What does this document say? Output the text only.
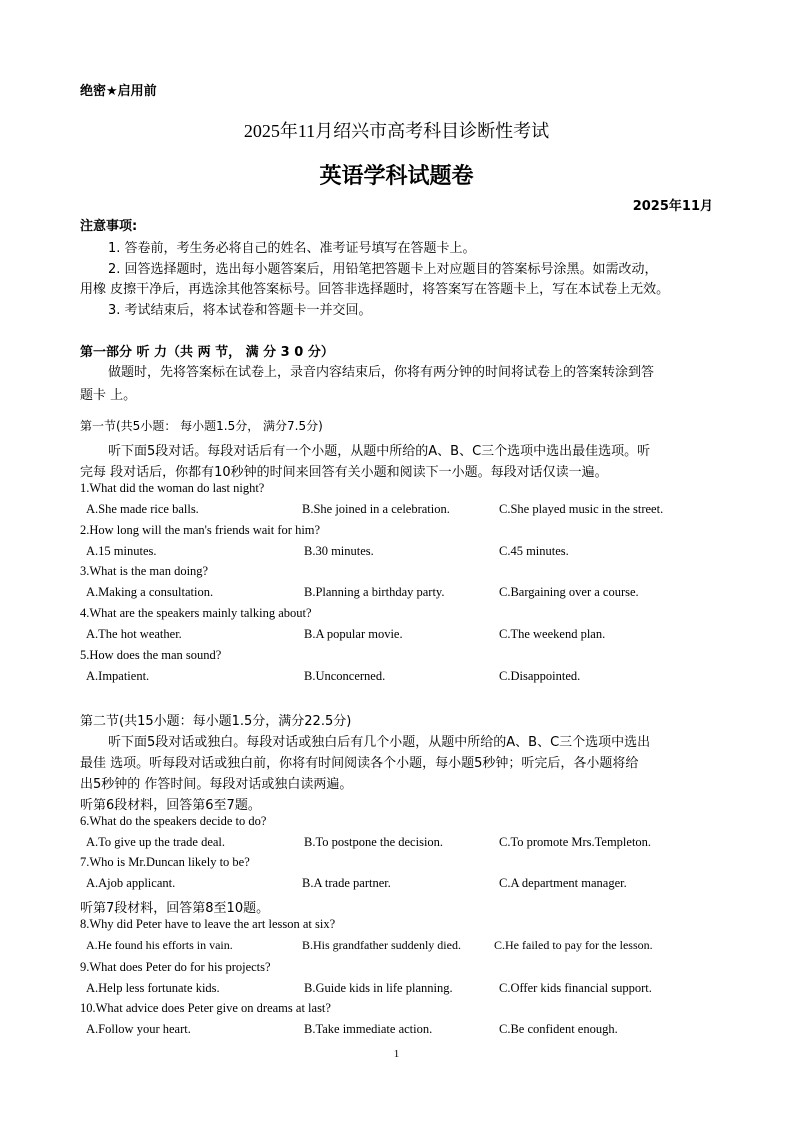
绝密★启用前
2025年11月绍兴市高考科目诊断性考试
英语学科试题卷
2025年11月
注意事项:
1. 答卷前，考生务必将自己的姓名、准考证号填写在答题卡上。
2. 回答选择题时，选出每小题答案后，用铅笔把答题卡上对应题目的答案标号涂黑。如需改动，
用橡 皮擦干净后，再选涂其他答案标号。回答非选择题时，将答案写在答题卡上，写在本试卷上无效。
3. 考试结束后，将本试卷和答题卡一并交回。
第一部分 听 力（共 两 节， 满 分 3 0 分）
做题时，先将答案标在试卷上，录音内容结束后，你将有两分钟的时间将试卷上的答案转涂到答
题卡 上。
第一节(共5小题： 每小题1.5分， 满分7.5分)
听下面5段对话。每段对话后有一个小题，从题中所给的A、B、C三个选项中选出最佳选项。听
完每 段对话后，你都有10秒钟的时间来回答有关小题和阅读下一小题。每段对话仅读一遍。
1.What did the woman do last night?
A.She made rice balls.	B.She joined in a celebration.	C.She played music in the street.
2.How long will the man's friends wait for him?
A.15 minutes.	B.30 minutes.	C.45 minutes.
3.What is the man doing?
A.Making a consultation.	B.Planning a birthday party.	C.Bargaining over a course.
4.What are the speakers mainly talking about?
A.The hot weather.	B.A popular movie.	C.The weekend plan.
5.How does the man sound?
A.Impatient.	B.Unconcerned.	C.Disappointed.
第二节(共15小题：每小题1.5分，满分22.5分)
听下面5段对话或独白。每段对话或独白后有几个小题，从题中所给的A、B、C三个选项中选出
最佳 选项。听每段对话或独白前，你将有时间阅读各个小题，每小题5秒钟；听完后，各小题将给
出5秒钟的 作答时间。每段对话或独白读两遍。
听第6段材料，回答第6至7题。
6.What do the speakers decide to do?
A.To give up the trade deal.	B.To postpone the decision.	C.To promote Mrs.Templeton.
7.Who is Mr.Duncan likely to be?
A.Ajob applicant.	B.A trade partner.	C.A department manager.
听第7段材料，回答第8至10题。
8.Why did Peter have to leave the art lesson at six?
A.He found his efforts in vain.	B.His grandfather suddenly died.	C.He failed to pay for the lesson.
9.What does Peter do for his projects?
A.Help less fortunate kids.	B.Guide kids in life planning.	C.Offer kids financial support.
10.What advice does Peter give on dreams at last?
A.Follow your heart.	B.Take immediate action.	C.Be confident enough.
1
